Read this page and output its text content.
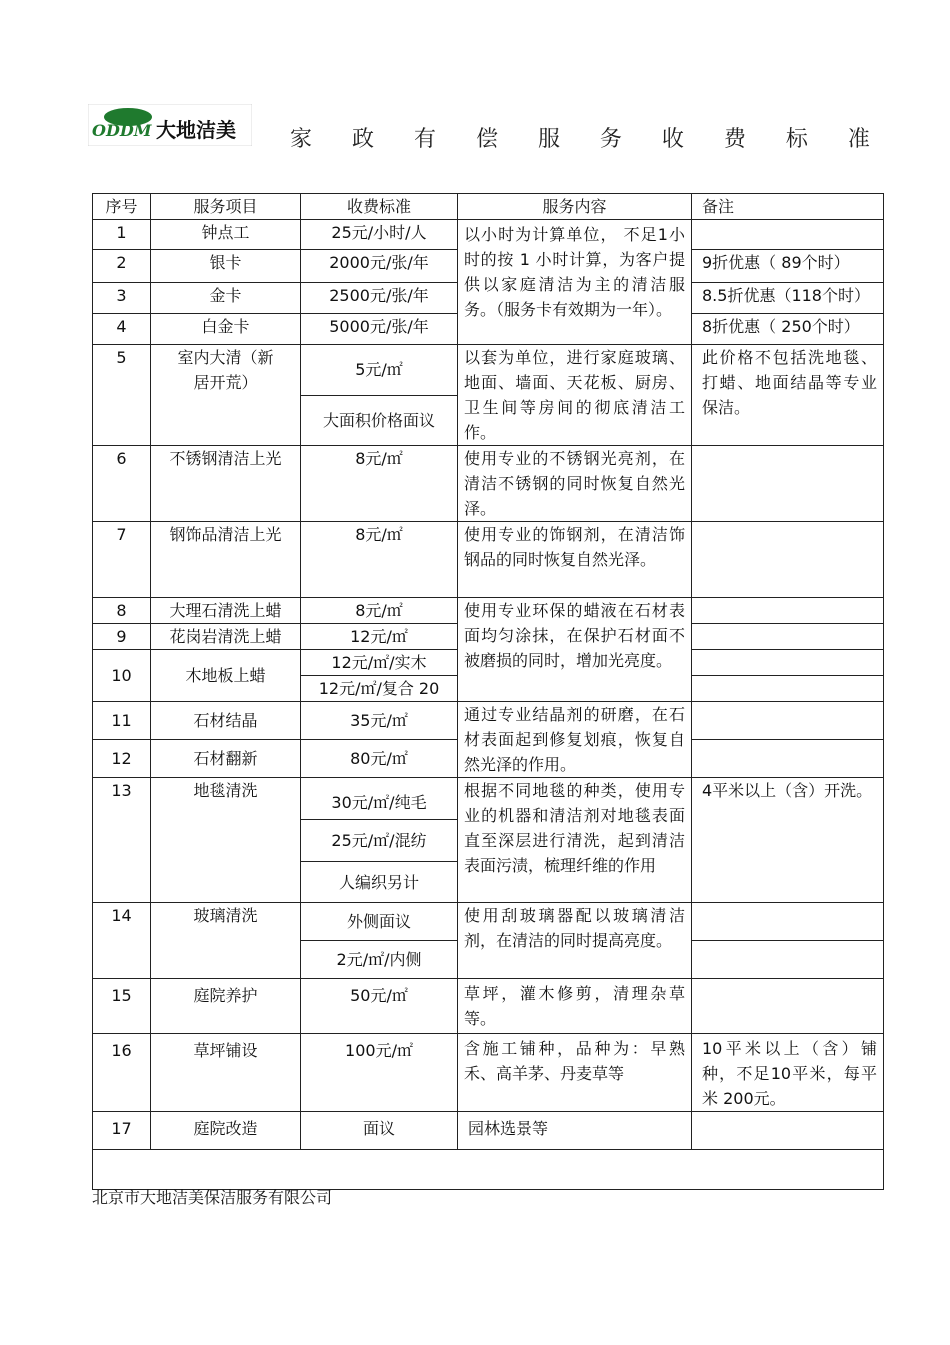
ODDM 大地洁美 家 政 有 偿 服 务 收 费 标 准
序号	服务项目	收费标准	服务内容	备注
1	钟点工	25元/小时/人	以小时为计算单位， 不足1小时的按 1 小时计算，为客户提供以家庭清洁为主的清洁服务。（服务卡有效期为一年）。	
2	银卡	2000元/张/年		9折优惠（ 89个时）
3	金卡	2500元/张/年		8.5折优惠（118个时）
4	白金卡	5000元/张/年		8折优惠（ 250个时）
5	室内大清（新居开荒）	5元/㎡	以套为单位，进行家庭玻璃、地面、墙面、天花板、厨房、卫生间等房间的彻底清洁工作。	此价格不包括洗地毯、打蜡、地面结晶等专业保洁。
		大面积价格面议		
6	不锈钢清洁上光	8元/㎡	使用专业的不锈钢光亮剂，在清洁不锈钢的同时恢复自然光泽。	
7	钢饰品清洁上光	8元/㎡	使用专业的饰钢剂，在清洁饰钢品的同时恢复自然光泽。	
8	大理石清洗上蜡	8元/㎡	使用专业环保的蜡液在石材表面均匀涂抹，在保护石材面不被磨损的同时，增加光亮度。	
9	花岗岩清洗上蜡	12元/㎡		
10	木地板上蜡	12元/㎡/实木		
		12元/㎡/复合 20		
11	石材结晶	35元/㎡	通过专业结晶剂的研磨，在石材表面起到修复划痕，恢复自然光泽的作用。	
12	石材翻新	80元/㎡		
13	地毯清洗	30元/㎡/纯毛	根据不同地毯的种类，使用专业的机器和清洁剂对地毯表面直至深层进行清洗，起到清洁表面污渍，梳理纤维的作用	4平米以上（含）开洗。
		25元/㎡/混纺		
		人编织另计		
14	玻璃清洗	外侧面议	使用刮玻璃器配以玻璃清洁剂，在清洁的同时提高亮度。	
		2元/㎡/内侧		
15	庭院养护	50元/㎡	草坪，灌木修剪，清理杂草等。	
16	草坪铺设	100元/㎡	含施工铺种，品种为：早熟禾、高羊茅、丹麦草等	10平米以上（含）铺种，不足10平米，每平米 200元。
17	庭院改造	面议	园林选景等	

北京市大地洁美保洁服务有限公司
